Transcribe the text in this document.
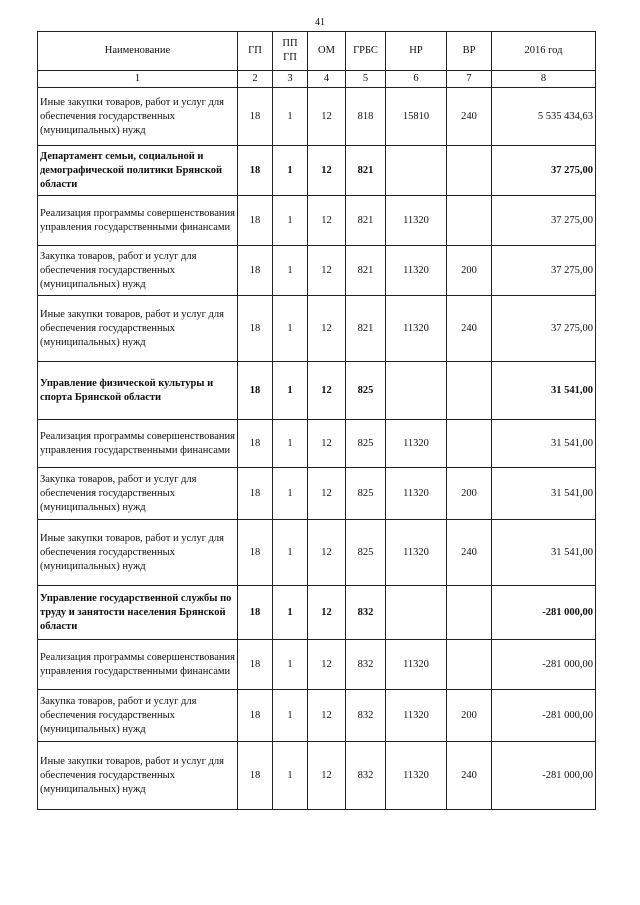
41
Наименование	ГП	ПП ГП	ОМ	ГРБС	НР	ВР	2016 год
1	2	3	4	5	6	7	8
Иные закупки товаров, работ и услуг для обеспечения государственных (муниципальных) нужд	18	1	12	818	15810	240	5 535 434,63
Департамент семьи, социальной и демографической политики Брянской области	18	1	12	821			37 275,00
Реализация программы совершенствования управления государственными финансами	18	1	12	821	11320		37 275,00
Закупка товаров, работ и услуг для обеспечения государственных (муниципальных) нужд	18	1	12	821	11320	200	37 275,00
Иные закупки товаров, работ и услуг для обеспечения государственных (муниципальных) нужд	18	1	12	821	11320	240	37 275,00
Управление физической культуры и спорта Брянской области	18	1	12	825			31 541,00
Реализация программы совершенствования управления государственными финансами	18	1	12	825	11320		31 541,00
Закупка товаров, работ и услуг для обеспечения государственных (муниципальных) нужд	18	1	12	825	11320	200	31 541,00
Иные закупки товаров, работ и услуг для обеспечения государственных (муниципальных) нужд	18	1	12	825	11320	240	31 541,00
Управление государственной службы по труду и занятости населения Брянской области	18	1	12	832			-281 000,00
Реализация программы совершенствования управления государственными финансами	18	1	12	832	11320		-281 000,00
Закупка товаров, работ и услуг для обеспечения государственных (муниципальных) нужд	18	1	12	832	11320	200	-281 000,00
Иные закупки товаров, работ и услуг для обеспечения государственных (муниципальных) нужд	18	1	12	832	11320	240	-281 000,00
